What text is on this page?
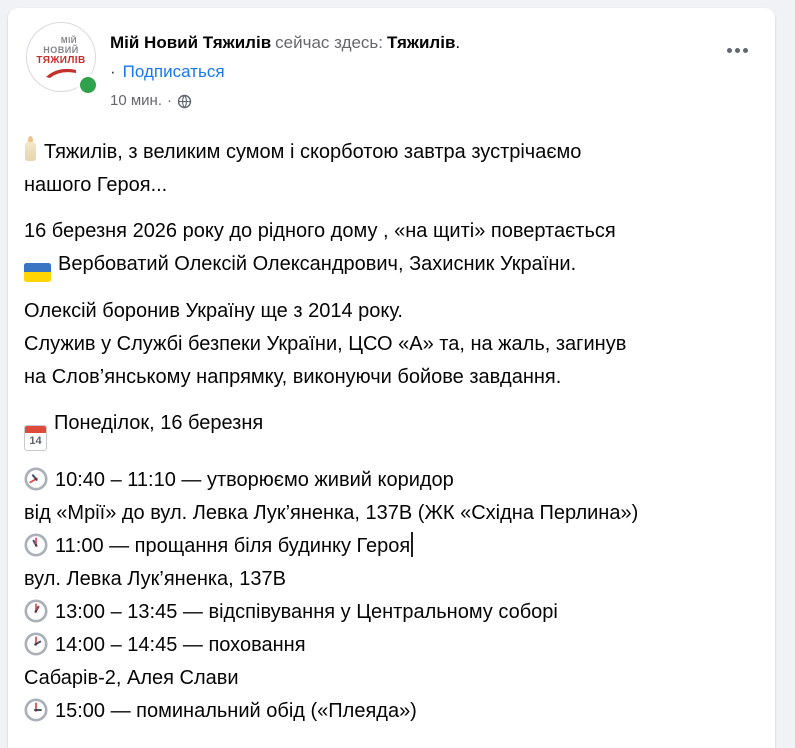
МІЙ
НОВИЙ
ТЯЖИЛІВ
Мій Новий Тяжилів сейчас здесь: Тяжилів.
· Подписаться
10 мин. ·
Тяжилів, з великим сумом і скорботою завтра зустрічаємо
нашого Героя...
16 березня 2026 року до рідного дому , «на щиті» повертається
Вербоватий Олексій Олександрович, Захисник України.
Олексій боронив Україну ще з 2014 року.
Служив у Службі безпеки України, ЦСО «А» та, на жаль, загинув
на Слов’янському напрямку, виконуючи бойове завдання.
14
Понеділок, 16 березня
10:40 – 11:10 — утворюємо живий коридор
від «Мрії» до вул. Левка Лук’яненка, 137В (ЖК «Східна Перлина»)
11:00 — прощання біля будинку Героя
вул. Левка Лук’яненка, 137В
13:00 – 13:45 — відспівування у Центральному соборі
14:00 – 14:45 — поховання
Сабарів-2, Алея Слави
15:00 — поминальний обід («Плеяда»)
